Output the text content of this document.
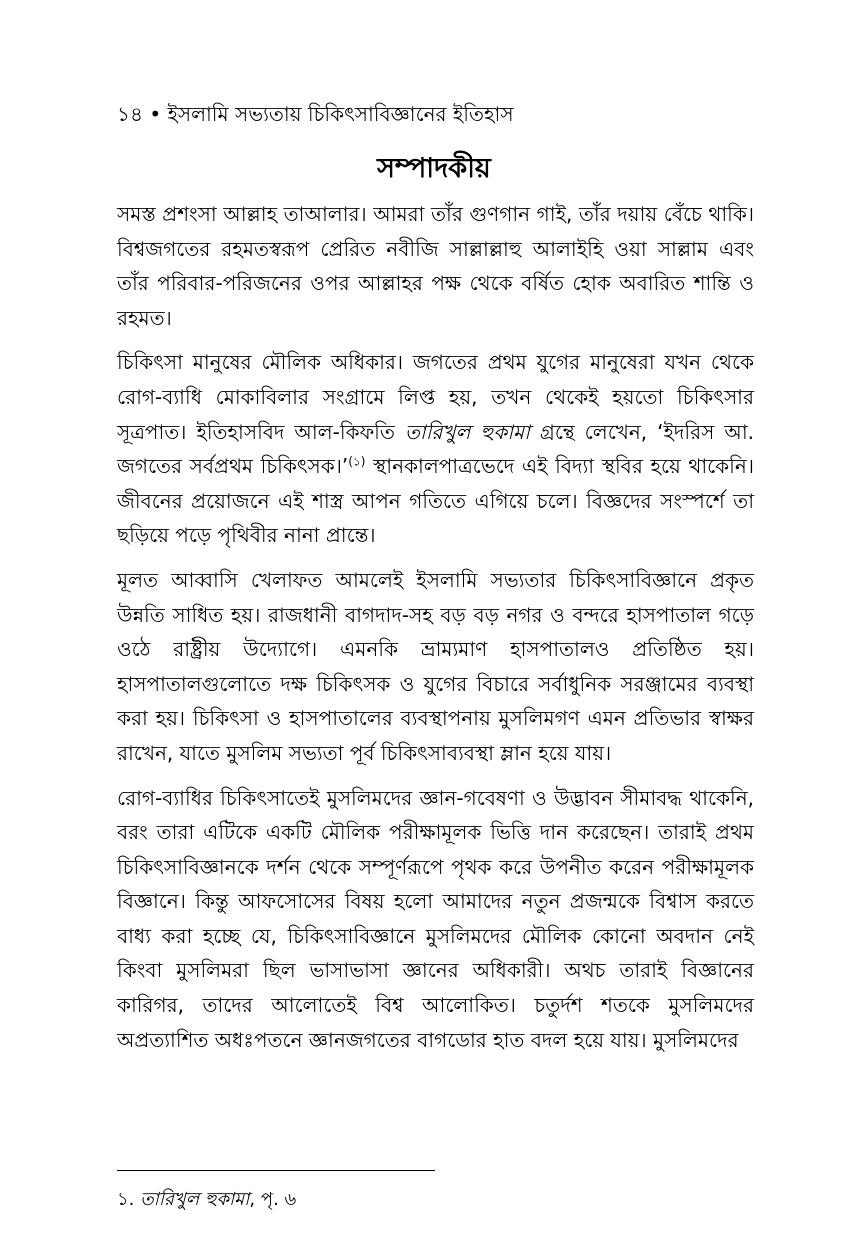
১৪ • ইসলামি সভ্যতায় চিকিৎসাবিজ্ঞানের ইতিহাস
সম্পাদকীয়

সমস্ত প্রশংসা আল্লাহ তাআলার। আমরা তাঁর গুণগান গাই, তাঁর দয়ায় বেঁচে থাকি। বিশ্বজগতের রহমতস্বরূপ প্রেরিত নবীজি সাল্লাল্লাহু আলাইহি ওয়া সাল্লাম এবং তাঁর পরিবার-পরিজনের ওপর আল্লাহর পক্ষ থেকে বর্ষিত হোক অবারিত শান্তি ও রহমত।

চিকিৎসা মানুষের মৌলিক অধিকার। জগতের প্রথম যুগের মানুষেরা যখন থেকে রোগ-ব্যাধি মোকাবিলার সংগ্রামে লিপ্ত হয়, তখন থেকেই হয়তো চিকিৎসার সূত্রপাত। ইতিহাসবিদ আল-কিফতি তারিখুল হুকামা গ্রন্থে লেখেন, ‘ইদরিস আ. জগতের সর্বপ্রথম চিকিৎসক।’$^{(১)}$ স্থানকালপাত্রভেদে এই বিদ্যা স্থবির হয়ে থাকেনি। জীবনের প্রয়োজনে এই শাস্ত্র আপন গতিতে এগিয়ে চলে। বিজ্ঞদের সংস্পর্শে তা ছড়িয়ে পড়ে পৃথিবীর নানা প্রান্তে।

মূলত আব্বাসি খেলাফত আমলেই ইসলামি সভ্যতার চিকিৎসাবিজ্ঞানে প্রকৃত উন্নতি সাধিত হয়। রাজধানী বাগদাদ-সহ বড় বড় নগর ও বন্দরে হাসপাতাল গড়ে ওঠে রাষ্ট্রীয় উদ্যোগে। এমনকি ভ্রাম্যমাণ হাসপাতালও প্রতিষ্ঠিত হয়। হাসপাতালগুলোতে দক্ষ চিকিৎসক ও যুগের বিচারে সর্বাধুনিক সরঞ্জামের ব্যবস্থা করা হয়। চিকিৎসা ও হাসপাতালের ব্যবস্থাপনায় মুসলিমগণ এমন প্রতিভার স্বাক্ষর রাখেন, যাতে মুসলিম সভ্যতা পূর্ব চিকিৎসাব্যবস্থা ম্লান হয়ে যায়।

রোগ-ব্যাধির চিকিৎসাতেই মুসলিমদের জ্ঞান-গবেষণা ও উদ্ভাবন সীমাবদ্ধ থাকেনি, বরং তারা এটিকে একটি মৌলিক পরীক্ষামূলক ভিত্তি দান করেছেন। তারাই প্রথম চিকিৎসাবিজ্ঞানকে দর্শন থেকে সম্পূর্ণরূপে পৃথক করে উপনীত করেন পরীক্ষামূলক বিজ্ঞানে। কিন্তু আফসোসের বিষয় হলো আমাদের নতুন প্রজন্মকে বিশ্বাস করতে বাধ্য করা হচ্ছে যে, চিকিৎসাবিজ্ঞানে মুসলিমদের মৌলিক কোনো অবদান নেই কিংবা মুসলিমরা ছিল ভাসাভাসা জ্ঞানের অধিকারী। অথচ তারাই বিজ্ঞানের কারিগর, তাদের আলোতেই বিশ্ব আলোকিত। চতুর্দশ শতকে মুসলিমদের অপ্রত্যাশিত অধঃপতনে জ্ঞানজগতের বাগডোর হাত বদল হয়ে যায়। মুসলিমদের

১. তারিখুল হুকামা, পৃ. ৬
